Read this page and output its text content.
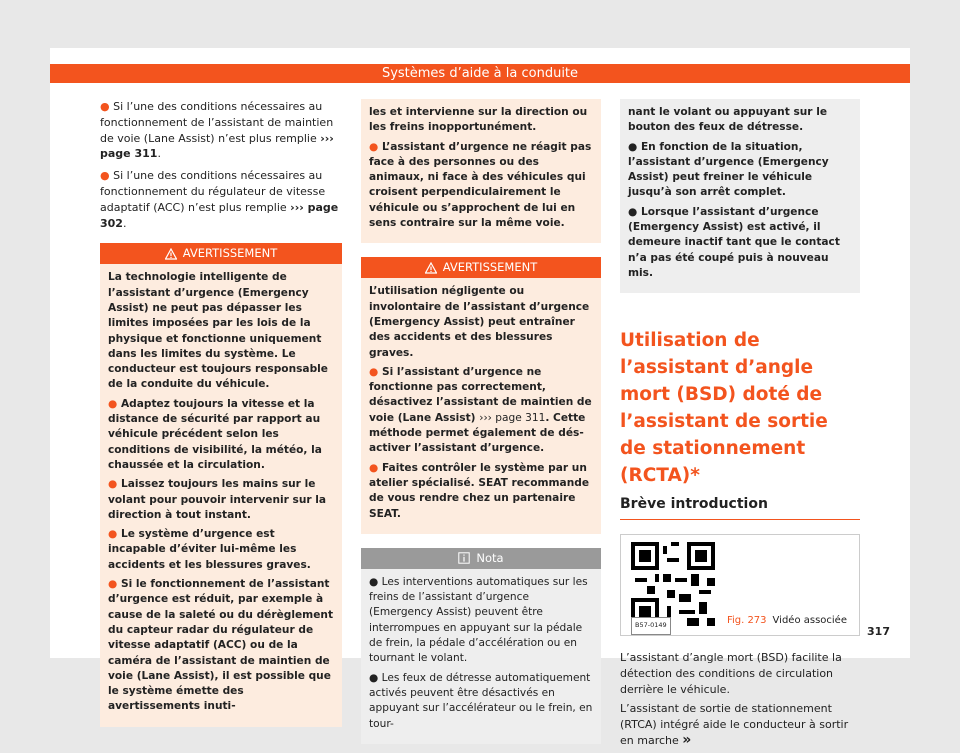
Systèmes d’aide à la conduite

● Si l’une des conditions nécessaires au fonctionnement de l’assistant de maintien de voie (Lane Assist) n’est plus remplie ››› page 311.

● Si l’une des conditions nécessaires au fonctionnement du régulateur de vitesse adaptatif (ACC) n’est plus remplie ››› page 302.

AVERTISSEMENT

La technologie intelligente de l’assistant d’urgence (Emergency Assist) ne peut pas dépasser les limites imposées par les lois de la physique et fonctionne uniquement dans les limites du système. Le conducteur est toujours responsable de la conduite du véhicule.

● Adaptez toujours la vitesse et la distance de sécurité par rapport au véhicule précédent selon les conditions de visibilité, la météo, la chaussée et la circulation.

● Laissez toujours les mains sur le volant pour pouvoir intervenir sur la direction à tout instant.

● Le système d’urgence est incapable d’éviter lui-même les accidents et les blessures graves.

● Si le fonctionnement de l’assistant d’urgence est réduit, par exemple à cause de la saleté ou du dérèglement du capteur radar du régulateur de vitesse adaptatif (ACC) ou de la caméra de l’assistant de maintien de voie (Lane Assist), il est possible que le système émette des avertissements inuti-

les et intervienne sur la direction ou les freins inopportunément.

● L’assistant d’urgence ne réagit pas face à des personnes ou des animaux, ni face à des véhicules qui croisent perpendiculairement le véhicule ou s’approchent de lui en sens contraire sur la même voie.

AVERTISSEMENT

L’utilisation négligente ou involontaire de l’assistant d’urgence (Emergency Assist) peut entraîner des accidents et des blessures graves.

● Si l’assistant d’urgence ne fonctionne pas correctement, désactivez l’assistant de maintien de voie (Lane Assist) ››› page 311. Cette méthode permet également de désactiver l’assistant d’urgence.

● Faites contrôler le système par un atelier spécialisé. SEAT recommande de vous rendre chez un partenaire SEAT.

Nota

● Les interventions automatiques sur les freins de l’assistant d’urgence (Emergency Assist) peuvent être interrompues en appuyant sur la pédale de frein, la pédale d’accélération ou en tournant le volant.

● Les feux de détresse automatiquement activés peuvent être désactivés en appuyant sur l’accélérateur ou le frein, en tour-

nant le volant ou appuyant sur le bouton des feux de détresse.

● En fonction de la situation, l’assistant d’urgence (Emergency Assist) peut freiner le véhicule jusqu’à son arrêt complet.

● Lorsque l’assistant d’urgence (Emergency Assist) est activé, il demeure inactif tant que le contact n’a pas été coupé puis à nouveau mis.

Utilisation de l’assistant d’angle mort (BSD) doté de l’assistant de sortie de stationnement (RCTA)*
Brève introduction
B57-0149	Fig. 273 Vidéo associée

L’assistant d’angle mort (BSD) facilite la détection des conditions de circulation derrière le véhicule.

L’assistant de sortie de stationnement (RTCA) intégré aide le conducteur à sortir en marche »

317
